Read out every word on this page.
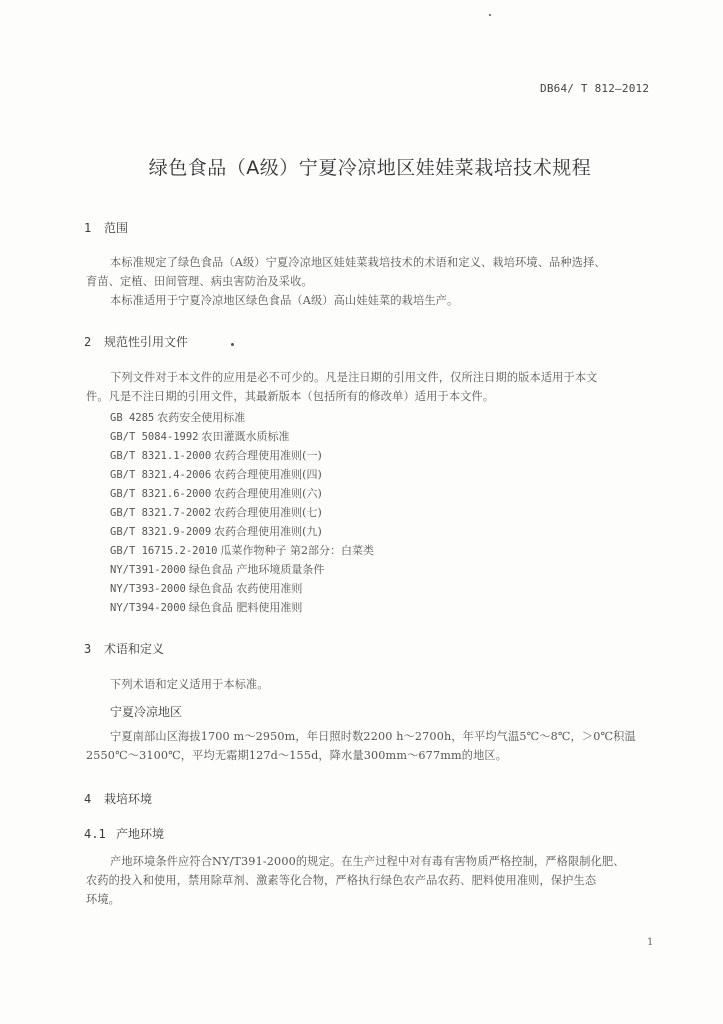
DB64/ T 812—2012
绿色食品（A级）宁夏冷凉地区娃娃菜栽培技术规程
1 范围
本标准规定了绿色食品（A级）宁夏冷凉地区娃娃菜栽培技术的术语和定义、栽培环境、品种选择、
育苗、定植、田间管理、病虫害防治及采收。
本标准适用于宁夏冷凉地区绿色食品（A级）高山娃娃菜的栽培生产。
2 规范性引用文件
下列文件对于本文件的应用是必不可少的。凡是注日期的引用文件，仅所注日期的版本适用于本文
件。凡是不注日期的引用文件，其最新版本（包括所有的修改单）适用于本文件。
GB 4285 农药安全使用标准
GB/T 5084-1992 农田灌溉水质标准
GB/T 8321.1-2000 农药合理使用准则(一)
GB/T 8321.4-2006 农药合理使用准则(四)
GB/T 8321.6-2000 农药合理使用准则(六)
GB/T 8321.7-2002 农药合理使用准则(七)
GB/T 8321.9-2009 农药合理使用准则(九)
GB/T 16715.2-2010 瓜菜作物种子 第2部分：白菜类
NY/T391-2000 绿色食品 产地环境质量条件
NY/T393-2000 绿色食品 农药使用准则
NY/T394-2000 绿色食品 肥料使用准则
3 术语和定义
下列术语和定义适用于本标准。
宁夏冷凉地区
宁夏南部山区海拔1700 m～2950m，年日照时数2200 h～2700h，年平均气温5℃～8℃，＞0℃积温
2550℃～3100℃，平均无霜期127d～155d，降水量300mm～677mm的地区。
4 栽培环境
4.1 产地环境
产地环境条件应符合NY/T391-2000的规定。在生产过程中对有毒有害物质严格控制，严格限制化肥、
农药的投入和使用，禁用除草剂、激素等化合物，严格执行绿色农产品农药、肥料使用准则，保护生态
环境。
1
